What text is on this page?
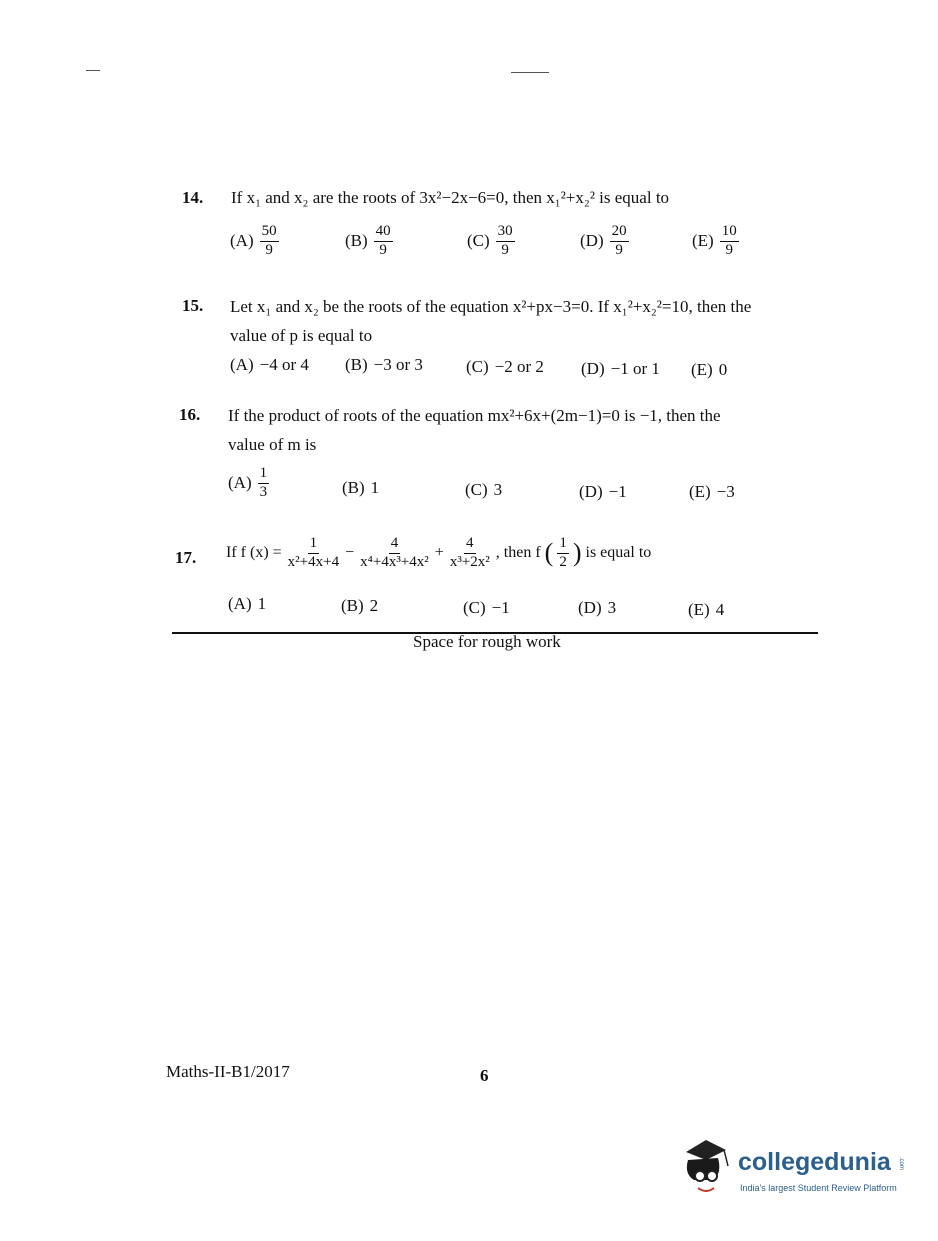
14. If x₁ and x₂ are the roots of 3x²−2x−6=0, then x₁²+x₂² is equal to
$(A) \frac{50}{9}$	$(B) \frac{40}{9}$	$(C) \frac{30}{9}$	$(D) \frac{20}{9}$	$(E) \frac{10}{9}$
15. Let x₁ and x₂ be the roots of the equation x²+px−3=0. If x₁²+x₂²=10, then the
value of p is equal to
(A) −4 or 4 (B) −3 or 3	(C) −2 or 2 (D) −1 or 1 (E) 0
16. If the product of roots of the equation mx²+6x+(2m−1)=0 is −1, then the
value of m is
$(A) \frac{1}{3}$	(B) 1	(C) 3	(D) −1	(E) −3
17. If f $(x) = \frac{1}{\text{x²+4x+4}} - \frac{4}{\text{x⁴+4x³+4x²}} + \frac{4}{\text{x³+2x²}}$ , then f ( $\frac{1}{2}$ ) is equal to
(A) 1	(B) 2	(C) −1	(D) 3	(E) 4
Space for rough work
Maths-II-B1/2017	6
collegedunia .com
India's largest Student Review Platform
